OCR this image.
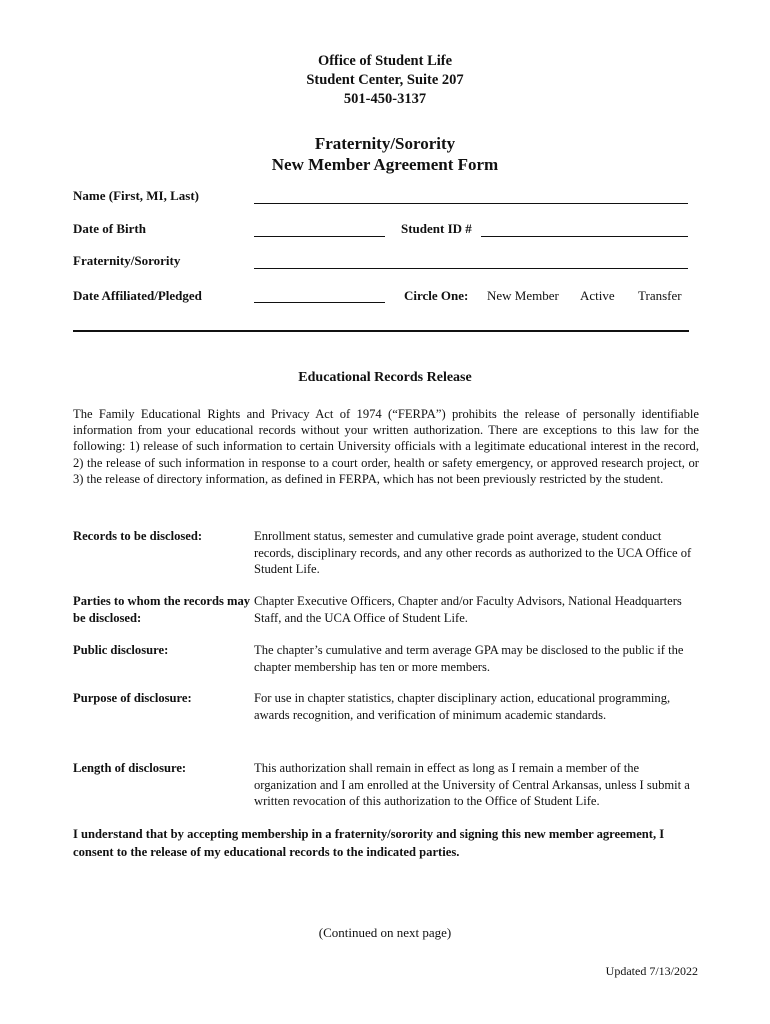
Office of Student Life
Student Center, Suite 207
501-450-3137
Fraternity/Sorority
New Member Agreement Form
Name (First, MI, Last)
Date of Birth	Student ID #
Fraternity/Sorority
Date Affiliated/Pledged	Circle One: New Member Active Transfer
Educational Records Release
The Family Educational Rights and Privacy Act of 1974 (“FERPA”) prohibits the release of personally identifiable information from your educational records without your written authorization. There are exceptions to this law for the following: 1) release of such information to certain University officials with a legitimate educational interest in the record, 2) the release of such information in response to a court order, health or safety emergency, or approved research project, or 3) the release of directory information, as defined in FERPA, which has not been previously restricted by the student.
Records to be disclosed:	Enrollment status, semester and cumulative grade point average, student conduct records, disciplinary records, and any other records as authorized to the UCA Office of Student Life.
Parties to whom the records may be disclosed:
Chapter Executive Officers, Chapter and/or Faculty Advisors, National Headquarters Staff, and the UCA Office of Student Life.
Public disclosure:	The chapter’s cumulative and term average GPA may be disclosed to the public if the chapter membership has ten or more members.
Purpose of disclosure:	For use in chapter statistics, chapter disciplinary action, educational programming, awards recognition, and verification of minimum academic standards.
Length of disclosure:	This authorization shall remain in effect as long as I remain a member of the organization and I am enrolled at the University of Central Arkansas, unless I submit a written revocation of this authorization to the Office of Student Life.
I understand that by accepting membership in a fraternity/sorority and signing this new member agreement, I consent to the release of my educational records to the indicated parties.
(Continued on next page)
Updated 7/13/2022
